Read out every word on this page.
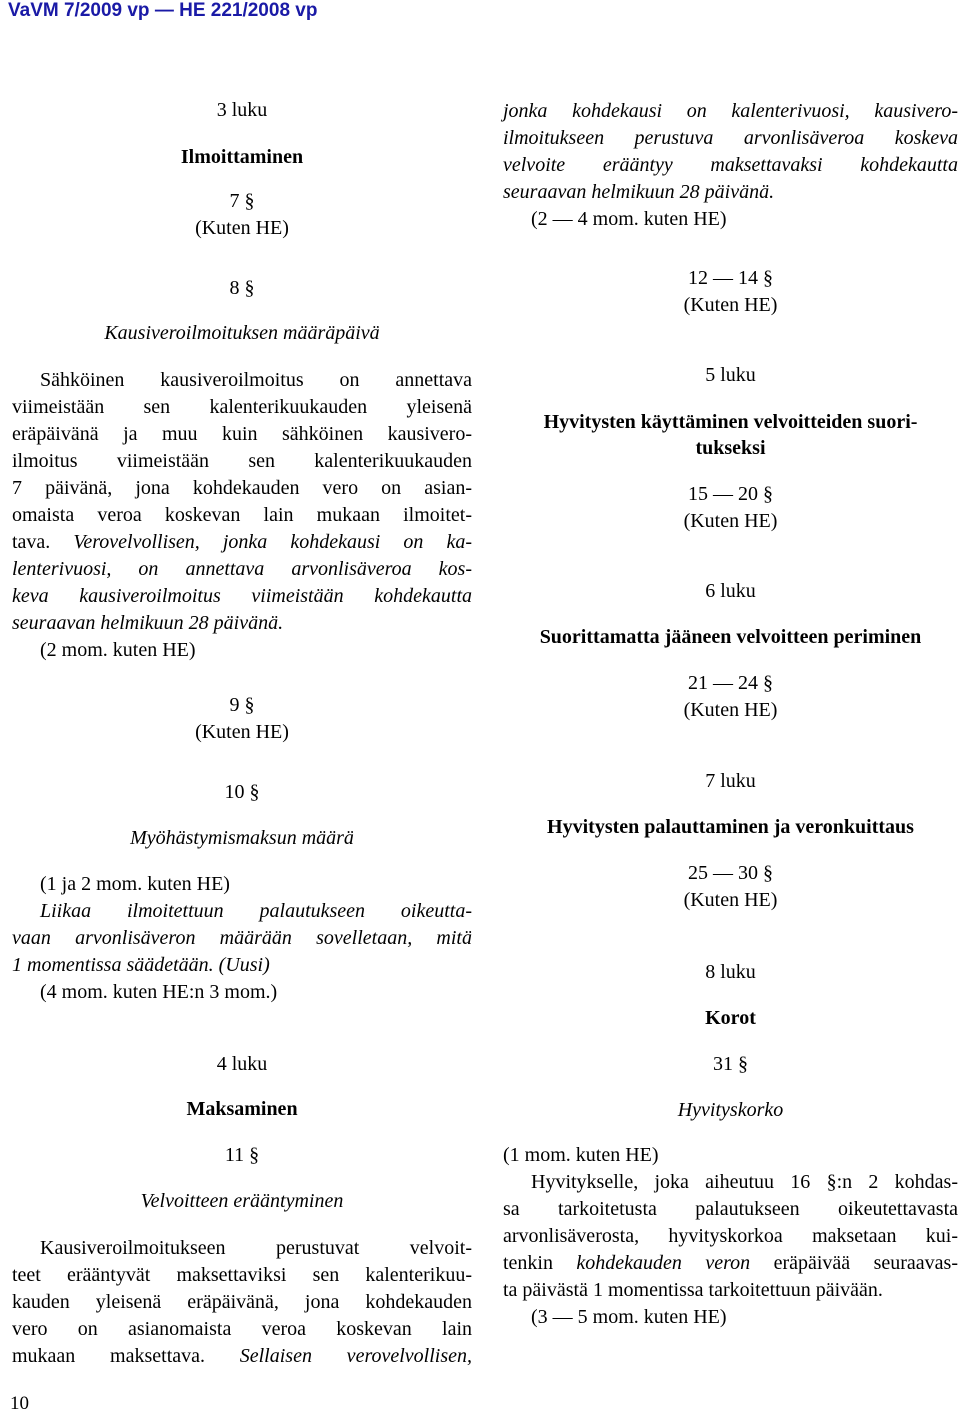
VaVM 7/2009 vp — HE 221/2008 vp
3 luku
Ilmoittaminen
7 §
(Kuten HE)
8 §
Kausiveroilmoituksen määräpäivä
Sähköinen kausiveroilmoitus on annettava
viimeistään sen kalenterikuukauden yleisenä
eräpäivänä ja muu kuin sähköinen kausivero-
ilmoitus viimeistään sen kalenterikuukauden
7 päivänä, jona kohdekauden vero on asian-
omaista veroa koskevan lain mukaan ilmoitet-
tava. Verovelvollisen, jonka kohdekausi on ka-
lenterivuosi, on annettava arvonlisäveroa kos-
keva kausiveroilmoitus viimeistään kohdekautta
seuraavan helmikuun 28 päivänä.
(2 mom. kuten HE)
9 §
(Kuten HE)
10 §
Myöhästymismaksun määrä
(1 ja 2 mom. kuten HE)
Liikaa ilmoitettuun palautukseen oikeutta-
vaan arvonlisäveron määrään sovelletaan, mitä
1 momentissa säädetään. (Uusi)
(4 mom. kuten HE:n 3 mom.)
4 luku
Maksaminen
11 §
Velvoitteen erääntyminen
Kausiveroilmoitukseen perustuvat velvoit-
teet erääntyvät maksettaviksi sen kalenterikuu-
kauden yleisenä eräpäivänä, jona kohdekauden
vero on asianomaista veroa koskevan lain
mukaan maksettava. Sellaisen verovelvollisen,
jonka kohdekausi on kalenterivuosi, kausivero-
ilmoitukseen perustuva arvonlisäveroa koskeva
velvoite erääntyy maksettavaksi kohdekautta
seuraavan helmikuun 28 päivänä.
(2 — 4 mom. kuten HE)
12 — 14 §
(Kuten HE)
5 luku
Hyvitysten käyttäminen velvoitteiden suori-
tukseksi
15 — 20 §
(Kuten HE)
6 luku
Suorittamatta jääneen velvoitteen periminen
21 — 24 §
(Kuten HE)
7 luku
Hyvitysten palauttaminen ja veronkuittaus
25 — 30 §
(Kuten HE)
8 luku
Korot
31 §
Hyvityskorko
(1 mom. kuten HE)
Hyvitykselle, joka aiheutuu 16 §:n 2 kohdas-
sa tarkoitetusta palautukseen oikeutettavasta
arvonlisäverosta, hyvityskorkoa maksetaan kui-
tenkin kohdekauden veron eräpäivää seuraavas-
ta päivästä 1 momentissa tarkoitettuun päivään.
(3 — 5 mom. kuten HE)
10
